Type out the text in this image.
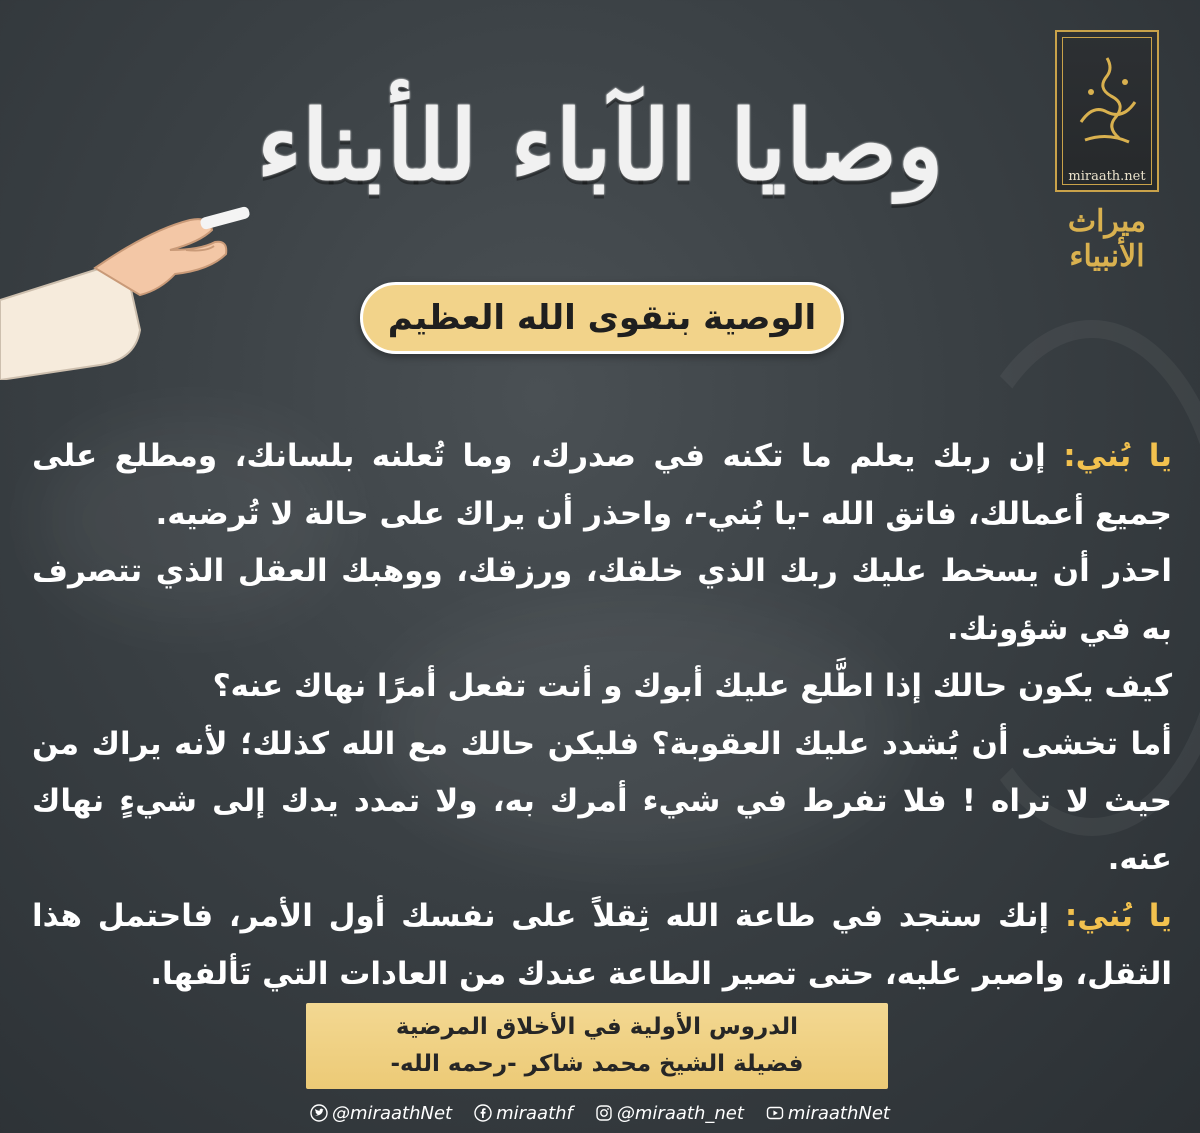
وصايا الآباء للأبناء	miraath.net
ميراث الأنبياء
الوصية بتقوى الله العظيم

يا بُني: إن ربك يعلم ما تكنه في صدرك، وما تُعلنه بلسانك، ومطلع على جميع أعمالك، فاتق الله -يا بُني-، واحذر أن يراك على حالة لا تُرضيه.

احذر أن يسخط عليك ربك الذي خلقك، ورزقك، ووهبك العقل الذي تتصرف به في شؤونك.

كيف يكون حالك إذا اطَّلع عليك أبوك و أنت تفعل أمرًا نهاك عنه؟

أما تخشى أن يُشدد عليك العقوبة؟ فليكن حالك مع الله كذلك؛ لأنه يراك من حيث لا تراه ! فلا تفرط في شيء أمرك به، ولا تمدد يدك إلى شيءٍ نهاك عنه.

يا بُني: إنك ستجد في طاعة الله ثِقلاً على نفسك أول الأمر، فاحتمل هذا الثقل، واصبر عليه، حتى تصير الطاعة عندك من العادات التي تَألفها.

الدروس الأولية في الأخلاق المرضية
فضيلة الشيخ محمد شاكر -رحمه الله-
@miraathNet miraathf @miraath_net miraathNet
